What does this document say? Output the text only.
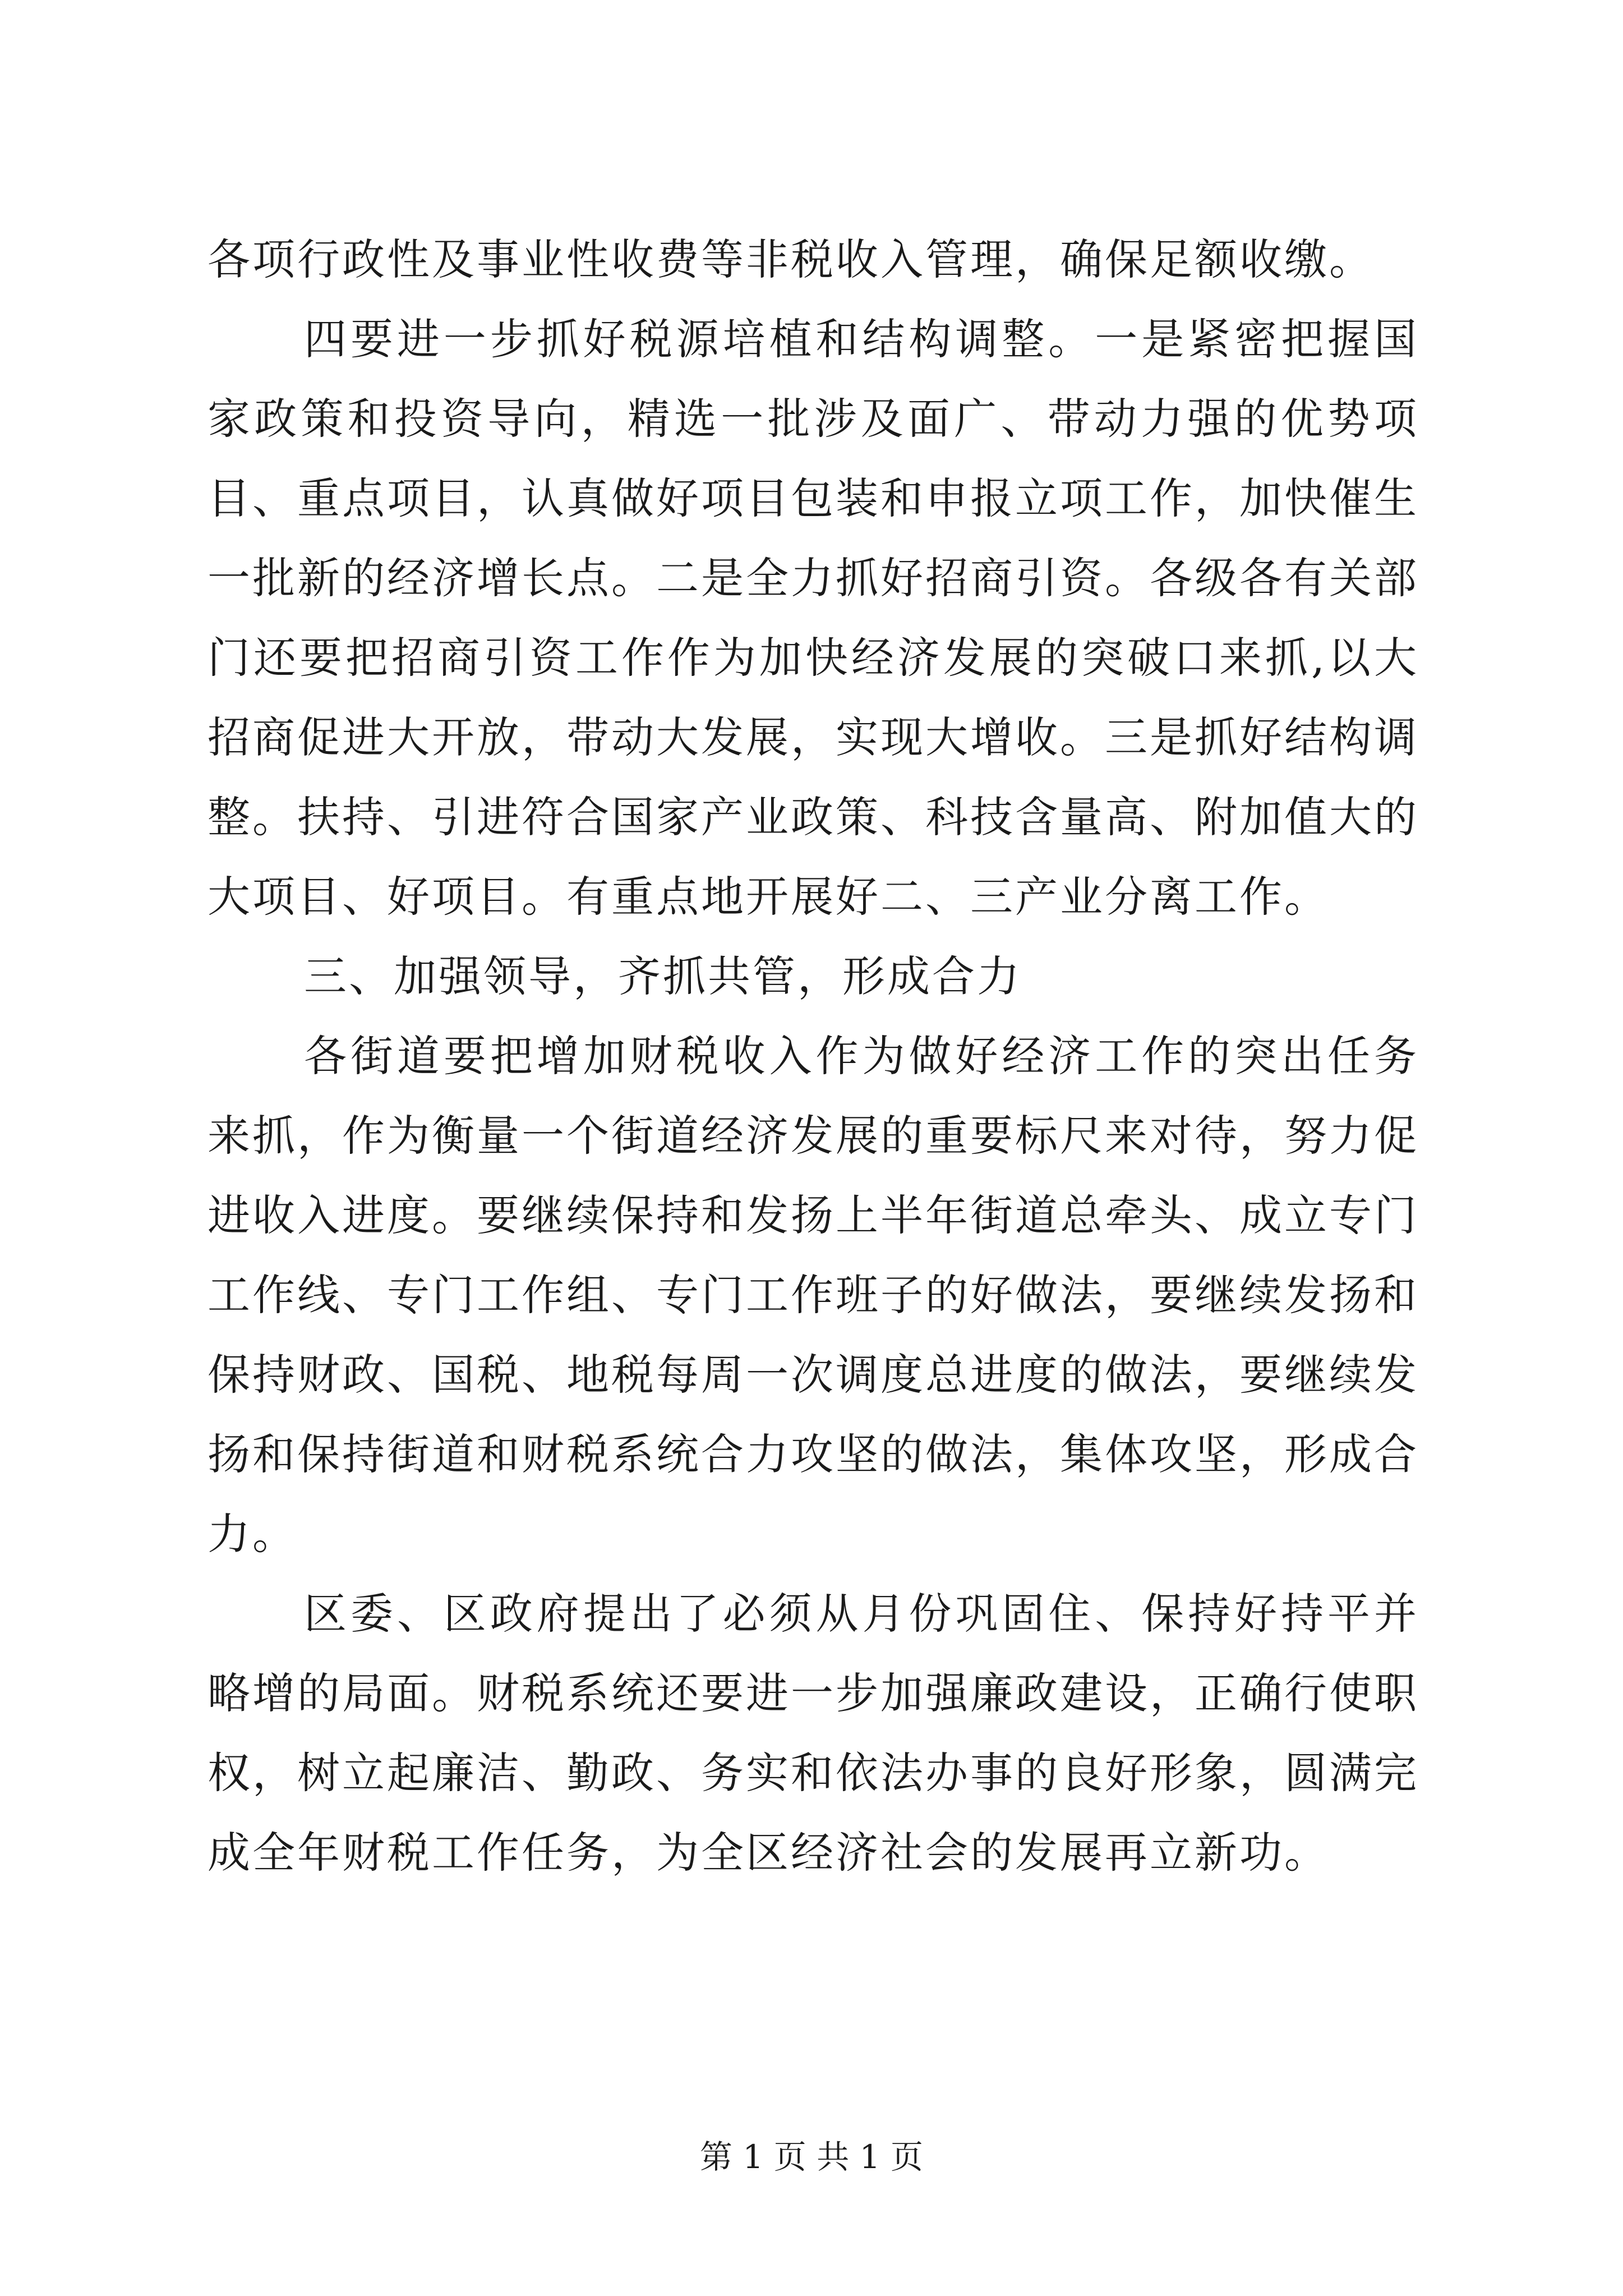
各项行政性及事业性收费等非税收入管理，确保足额收缴。

四要进一步抓好税源培植和结构调整。一是紧密把握国家政策和投资导向，精选一批涉及面广、带动力强的优势项目、重点项目，认真做好项目包装和申报立项工作，加快催生一批新的经济增长点。二是全力抓好招商引资。各级各有关部门还要把招商引资工作作为加快经济发展的突破口来抓,以大招商促进大开放，带动大发展，实现大增收。三是抓好结构调整。扶持、引进符合国家产业政策、科技含量高、附加值大的大项目、好项目。有重点地开展好二、三产业分离工作。

三、加强领导，齐抓共管，形成合力

各街道要把增加财税收入作为做好经济工作的突出任务来抓，作为衡量一个街道经济发展的重要标尺来对待，努力促进收入进度。要继续保持和发扬上半年街道总牵头、成立专门工作线、专门工作组、专门工作班子的好做法，要继续发扬和保持财政、国税、地税每周一次调度总进度的做法，要继续发扬和保持街道和财税系统合力攻坚的做法，集体攻坚，形成合力。

区委、区政府提出了必须从月份巩固住、保持好持平并略增的局面。财税系统还要进一步加强廉政建设，正确行使职权，树立起廉洁、勤政、务实和依法办事的良好形象，圆满完成全年财税工作任务，为全区经济社会的发展再立新功。

第 1 页 共 1 页
